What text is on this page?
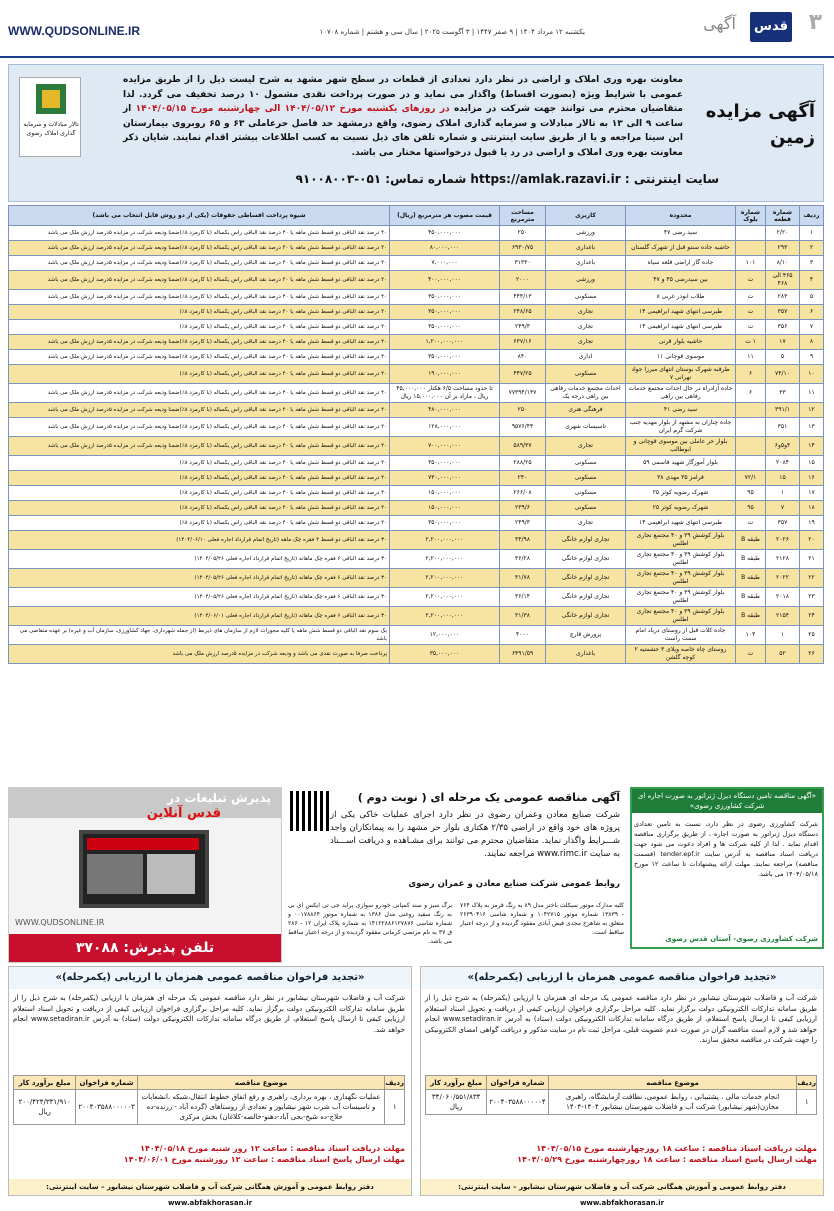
WWW.QUDSONLINE.IR	یکشنبه ۱۲ مرداد ۱۴۰۴ | ۹ صفر ۱۴۴۷ | ۳ آگوست ۲۰۲۵ | سال سی و هشتم | شماره ۱۰۷۰۸	آگهی	قدس ۳
آگهی مزایده زمین
معاونت بهره وری املاک و اراضی در نظر دارد تعدادی از قطعات در سطح شهر مشهد به شرح لیست ذیل را از طریق مزایده عمومی با شرایط ویژه (بصورت اقساط) واگذار می نماید و در صورت پرداخت نقدی مشمول ۱۰ درصد تخفیف می گردد. لذا متقاضیان محترم می توانند جهت شرکت در مزایده در روزهای یکشنبه مورخ ۱۴۰۴/۰۵/۱۲ الی چهارشنبه مورخ ۱۴۰۴/۰۵/۱۵ از ساعت ۹ الی ۱۳ به تالار مبادلات و سرمایه گذاری املاک رضوی، واقع درمشهد حد فاصل حرعاملی ۶۳ و ۶۵ روبروی بیمارستان ابن سینا مراجعه و یا از طریق سایت اینترنتی و شماره تلفن های ذیل نسبت به کسب اطلاعات بیشتر اقدام نمایند. شایان ذکر معاونت بهره وری املاک و اراضی در رد یا قبول درخواستها مختار می باشد.
تالار مبادلات و سرمایه گذاری املاک رضوی
سایت اینترنتی : https://amlak.razavi.ir شماره تماس: ۰۵۱-۹۱۰۰۸۰۰۳
ردیف	شماره قطعه	شماره بلوک	محدوده	کاربری	مساحت مترمربع	قیمت مصوب هر مترمربع (ریال)	شیوه پرداخت اقساطی حقوقات (یکی از دو روش قابل انتخاب می باشد)
۱	۲/۲۰		سید رضی ۴۷	ورزشی	۲۵۰	۴۵۰,۰۰۰,۰۰۰	۴۰ درصد نقد الباقی دو قسط شش ماهه یا ۴۰ درصد نقد الباقی راس یکساله (با کارمزد ۸٪)ضمنا ودیعه شرکت در مزایده ۵درصد ارزش ملک می باشد
۲	۲۹۳		حاشیه جاده سنتو قبل از شهرک گلستان	باغداری	۶۹۳۰/۷۵	۸۰,۰۰۰,۰۰۰	۴۰ درصد نقد الباقی دو قسط شش ماهه یا ۴۰ درصد نقد الباقی راس یکساله (با کارمزد ۸٪)ضمنا ودیعه شرکت در مزایده ۵درصد ارزش ملک می باشد
۳	۸/۱۰	۱۰۱	جاده گاز اراضی قلعه سیاه	باغداری	۳۱۳۳۰	۷,۰۰۰,۰۰۰	۴۰ درصد نقد الباقی دو قسط شش ماهه یا ۴۰ درصد نقد الباقی راس یکساله (با کارمزد ۸٪)ضمنا ودیعه شرکت در مزایده ۵درصد ارزش ملک می باشد
۴	۴۶۵ الی ۴۶۸	ت	بین سیدرضی ۴۵ و ۴۷	ورزشی	۲۰۰۰	۴۰۰,۰۰۰,۰۰۰	۴۰ درصد نقد الباقی دو قسط شش ماهه یا ۴۰ درصد نقد الباقی راس یکساله (با کارمزد ۸٪)ضمنا ودیعه شرکت در مزایده ۵درصد ارزش ملک می باشد
۵	۲۸۳	ت	طلاب ابوذر غربی ۸	مسکونی	۴۴۴/۱۳	۳۵۰,۰۰۰,۰۰۰	۴۰ درصد نقد الباقی دو قسط شش ماهه یا ۴۰ درصد نقد الباقی راس یکساله (با کارمزد ۸٪)ضمنا ودیعه شرکت در مزایده ۵درصد ارزش ملک می باشد
۶	۳۵۷	ت	طبرسی انتهای شهید ابراهیمی ۱۴	تجاری	۲۴۸/۶۵	۳۵۰,۰۰۰,۰۰۰	۴۰ درصد نقد الباقی دو قسط شش ماهه یا ۴۰ درصد نقد الباقی راس یکساله (با کارمزد ۸٪)
۷	۳۵۶	ت	طبرسی انتهای شهید ابراهیمی ۱۴	تجاری	۲۴۹/۳	۳۵۰,۰۰۰,۰۰۰	۴۰ درصد نقد الباقی دو قسط شش ماهه یا ۴۰ درصد نقد الباقی راس یکساله (با کارمزد ۸٪)
۸	۱۷	۱ ت	حاشیه بلوار قرنی	تجاری	۶۳۷/۱۶	۱,۲۰۰,۰۰۰,۰۰۰	۴۰ درصد نقد الباقی دو قسط شش ماهه یا ۴۰ درصد نقد الباقی راس یکساله (با کارمزد ۸٪)ضمنا ودیعه شرکت در مزایده ۵درصد ارزش ملک می باشد
۹	۵	۱۱	موسوی قوچانی ۱۱	اداری	۸۴۰	۳۵۰,۰۰۰,۰۰۰	۴۰ درصد نقد الباقی دو قسط شش ماهه یا ۴۰ درصد نقد الباقی راس یکساله (با کارمزد ۸٪)ضمنا ودیعه شرکت در مزایده ۵درصد ارزش ملک می باشد
۱۰	۷۴/۱۰	۶	طرقبه شهرک بوستان انتهای میرزا جواد تهرانی ۷	مسکونی	۴۴۷/۲۵	۱۹۰,۰۰۰,۰۰۰	۴۰ درصد نقد الباقی دو قسط شش ماهه یا ۴۰ درصد نقد الباقی راس یکساله (با کارمزد ۸٪)
۱۱	۳۳	۶	جاده آزادراه در حال احداث مجتمع خدمات رفاهی بین راهی	احداث مجتمع خدمات رفاهی بین راهی درجه یک	۷۷۳۹۴/۱۳۷	تا حدود مساحت ۶/۵ هکتار ۴۵,۰۰۰,۰۰۰ ریال ، مازاد بر آن ۱۵,۰۰۰,۰۰۰ ریال	۴۰ درصد نقد الباقی دو قسط شش ماهه یا ۴۰ درصد نقد الباقی راس یکساله (با کارمزد ۸٪)ضمنا ودیعه شرکت در مزایده ۵درصد ارزش ملک می باشد
۱۲	۳۹۱/۱		سید رضی ۴۱	فرهنگی هنری	۲۵۰	۴۸۰,۰۰۰,۰۰۰	۴۰ درصد نقد الباقی دو قسط شش ماهه یا ۴۰ درصد نقد الباقی راس یکساله (با کارمزد ۸٪)ضمنا ودیعه شرکت در مزایده ۵درصد ارزش ملک می باشد
۱۳	۳۵۱		جاده چناران به مشهد از بلوار مهدیه جنب شرکت گرم ایران	تاسیسات شهری	۹۵۷۶/۴۴	۱۲۸,۰۰۰,۰۰۰	۴۰ درصد نقد الباقی دو قسط شش ماهه یا ۴۰ درصد نقد الباقی راس یکساله (با کارمزد ۸٪)ضمنا ودیعه شرکت در مزایده ۵درصد ارزش ملک می باشد
۱۴	۴و۵و۶		بلوار حر عاملی بین موسوی قوچانی و ابوطالب	تجاری	۵۸۹/۳۷	۷۰۰,۰۰۰,۰۰۰	۴۰ درصد نقد الباقی دو قسط شش ماهه یا ۴۰ درصد نقد الباقی راس یکساله (با کارمزد ۸٪)ضمنا ودیعه شرکت در مزایده ۵درصد ارزش ملک می باشد
۱۵	۲۰۸۴		بلوار آموزگار شهید قاسمی ۵۹	مسکونی	۲۸۸/۲۵	۳۵۰,۰۰۰,۰۰۰	۴۰ درصد نقد الباقی دو قسط شش ماهه یا ۴۰ درصد نقد الباقی راس یکساله (با کارمزد ۸٪)
۱۶	۱۵	۷۲/۱	قرامز ۳۵ مهدی ۳۸	مسکونی	۲۴۰	۷۳۰,۰۰۰,۰۰۰	۴۰ درصد نقد الباقی دو قسط شش ماهه یا ۴۰ درصد نقد الباقی راس یکساله (با کارمزد ۸٪)
۱۷	۱	۹۵	شهرک رضویه کوثر ۲۵	مسکونی	۲۶۶/۰۸	۱۵۰,۰۰۰,۰۰۰	۴۰ درصد نقد الباقی دو قسط شش ماهه یا ۴۰ درصد نقد الباقی راس یکساله (با کارمزد ۸٪)
۱۸	۷	۹۵	شهرک رضویه کوثر ۲۵	مسکونی	۲۳۹/۶	۱۵۰,۰۰۰,۰۰۰	۴۰ درصد نقد الباقی دو قسط شش ماهه یا ۴۰ درصد نقد الباقی راس یکساله (با کارمزد ۸٪)
۱۹	۳۵۷	ت	طبرسی انتهای شهید ابراهیمی ۱۴	تجاری	۲۴۹/۳	۳۵۰,۰۰۰,۰۰۰	۴۰ درصد نقد الباقی دو قسط شش ماهه یا ۴۰ درصد نقد الباقی راس یکساله (با کارمزد ۸٪)
۲۰	۲۰۲۶	طبقه B	بلوار کوشش ۳۹ و ۴۰ مجتمع تجاری اطلس	تجاری لوازم خانگی	۳۴/۹۸	۲,۲۰۰,۰۰۰,۰۰۰	۳۰ درصد نقد الباقی دو قسط ۴ فقره چک ماهه (تاریخ اتمام قرارداد اجاره فعلی ۱۴۰۴/۰۶/۱۰)
۲۱	۲۱۲۸	طبقه B	بلوار کوشش ۳۹ و ۴۰ مجتمع تجاری اطلس	تجاری لوازم خانگی	۳۶/۲۸	۲,۲۰۰,۰۰۰,۰۰۰	۳۰ درصد نقد الباقی ۶ فقره چک ماهانه (تاریخ اتمام قرارداد اجاره فعلی ۱۴۰۴/۰۵/۲۶)
۲۲	۲۰۲۲	طبقه B	بلوار کوشش ۳۹ و ۴۰ مجتمع تجاری اطلس	تجاری لوازم خانگی	۳۱/۷۸	۲,۲۰۰,۰۰۰,۰۰۰	۳۰ درصد نقد الباقی ۶ فقره چک ماهانه (تاریخ اتمام قرارداد اجاره فعلی ۱۴۰۴/۰۵/۲۶)
۲۳	۲۰۱۸	طبقه B	بلوار کوشش ۳۹ و ۴۰ مجتمع تجاری اطلس	تجاری لوازم خانگی	۳۶/۱۴	۲,۲۰۰,۰۰۰,۰۰۰	۳۰ درصد نقد الباقی ۶ فقره چک ماهانه (تاریخ اتمام قرارداد اجاره فعلی ۱۴۰۴/۰۵/۲۶)
۲۴	۲۱۵۴	طبقه B	بلوار کوشش ۳۹ و ۴۰ مجتمع تجاری اطلس	تجاری لوازم خانگی	۳۱/۳۸	۲,۲۰۰,۰۰۰,۰۰۰	۳۰ درصد نقد الباقی ۶ فقره چک ماهانه (تاریخ اتمام قرارداد اجاره فعلی ۱۴۰۴/۰۶/۰۱)
۲۵	۱	۱۰۴	جاده کلات قبل از روستای درباد امام سمت راست	پرورش قارچ	۴۰۰۰	۱۲,۰۰۰,۰۰۰	یک سوم نقد الباقی دو قسط شش ماهه یا کلیه مجوزات لازم از سازمان های ذیربط (از جمله شهرداری، جهاد کشاورزی، سازمان آب و غیره) بر عهده متقاضی می باشد
۲۶	۵۲	ت	روستای چاه خاصه ویلای ۳ حشمتیه ۲ کوچه گلشن	باغداری	۶۴۹۱/۵۹	۳۵,۰۰۰,۰۰۰	پرداخت صرفا به صورت نقدی می باشد و ودیعه شرکت در مزایده ۵درصد ارزش ملک می باشد
پذیرش تبلیغات در
قدس آنلاین
WWW.QUDSONLINE.IR
تلفن پذیرش: ۳۷۰۸۸
آگهی مناقصه عمومی یک مرحله ای ( نوبت دوم )
شرکت صنایع معادن وعمران رضوی در نظر دارد اجرای عملیات خاکی یکی از پروژه های خود واقع در اراضی ۲/۳۵ هکتاری بلوار حر مشهد را به پیمانکاران واجد شـــرایط واگذار نماید. متقاضیان محترم می توانند برای مشـاهده و دریافت اســـناد به سایت www.rimc.ir مراجعه نمایند.
روابط عمومی شرکت صنایع معادن و عمران رضوی
«آگهی مناقصه تامین دستگاه دیزل ژنراتور به صورت اجاره ای شرکت کشاورزی رضوی»
شرکت کشاورزی رضوی در نظر دارد، نسبت به تامین تعدادی دستگاه دیزل ژنراتور به صورت اجاره ، از طریق برگزاری مناقصه اقدام نماید . لذا از کلیه شرکت ها و افراد دعوت می شود جهت دریافت اسناد مناقصه به آدرس سایت tender.epf.ir (قسمت مناقصه) مراجعه نمایند. مهلت ارائه پیشنهادات تا ساعت ۱۲ مورخ ۱۴۰۴/۰۵/۱۸ می باشد.
شرکت کشاورزی رضوی- آستان قدس رضوی
برگ سبز و سند کمپانی خودرو سواری پراید جی تی ایکس ای بی به رنگ سفید روغنی مدل ۱۳۸۶ به شماره موتور ۰۰۱۷۸۸۶۴ و شماره شاسی ۱۴۱۲۲۸۸۶۱۲۷۸۷۶ به شماره پلاک ایران ۱۲ - ۲۸۶ ق ۳۷ به نام مرتضی کرمانی مفقود گردیده و از درجه اعتبار ساقط می باشد.
کلیه مدارک موتور سیکلت باختر مدل ۸۹ به رنگ قرمز به پلاک ۷۶۴ - ۱۳۸۳۹ شماره موتور ۱۰۴۲۷۱۵ و شماره شاسی ۲۶۳۹۰۴۱۶ متعلق به شاهرخ مجدی فیض آبادی مفقود گردیده و از درجه اعتبار ساقط است.
«تجدید فراخوان مناقصه عمومی همزمان با ارزیابی (یکمرحله)»
شرکت آب و فاضلاب شهرستان نیشابور در نظر دارد مناقصه عمومی یک مرحله ای همزمان با ارزیابی (یکمرحله) به شرح ذیل را از طریق سامانه تدارکات الکترونیکی دولت برگزار نماید. کلیه مراحل برگزاری فراخوان ارزیابی کیفی از دریافت و تحویل اسناد استعلام ارزیابی کیفی تا ارسال پاسخ استعلام، از طریق درگاه سامانه تدارکات الکترونیکی دولت (ستاد) به آدرس www.setadiran.ir انجام خواهد شد و لازم است مناقصه گران در صورت عدم عضویت قبلی، مراحل ثبت نام در سایت مذکور و دریافت گواهی امضای الکترونیکی را جهت شرکت در مناقصه محقق سازند.
ردیف	موضوع مناقصه	شماره فراخوان	مبلغ برآورد کار
۱	انجام خدمات مالی ، پشتیبانی ، روابط عمومی، نظافت آزمایشگاه، راهبری مخازن(شهر نیشابور) شرکت آب و فاضلاب شهرستان نیشابور ۱۴۰۴-۱۴۰۴	۲۰۰۴۰۳۵۸۸۰۰۰۰۰۴	۳۴/۰۶۰/۵۵۱/۸۳۴ ریال
مهلت دریافت اسناد مناقصه : ساعت ۱۸ روزچهارشنبه مورخ ۱۴۰۴/۰۵/۱۵
مهلت ارسال پاسخ اسناد مناقصه : ساعت ۱۸ روزچهارشنبه مورخ ۱۴۰۴/۰۵/۲۹
دفتر روابط عمومی و آموزش همگانی شرکت آب و فاضلاب شهرستان نیشابور – سایت اینترنتی: www.abfakhorasan.ir
«تجدید فراخوان مناقصه عمومی همزمان با ارزیابی (یکمرحله)»
شرکت آب و فاضلاب شهرستان نیشابور در نظر دارد مناقصه عمومی یک مرحله ای همزمان با ارزیابی (یکمرحله) به شرح ذیل را از طریق سامانه تدارکات الکترونیکی دولت برگزار نماید. کلیه مراحل برگزاری فراخوان ارزیابی کیفی از دریافت و تحویل اسناد استعلام ارزیابی کیفی تا ارسال پاسخ استعلام، از طریق درگاه سامانه تدارکات الکترونیکی دولت (ستاد) به آدرس www.setadiran.ir انجام خواهد شد.
ردیف	موضوع مناقصه	شماره فراخوان	مبلغ برآورد کار
۱	عملیات نگهداری ، بهره برداری، راهبری و رفع اتفاق خطوط انتقال،شبکه ،انشعابات و تاسیسات آب شرب شهر نیشابور و تعدادی از روستاهای (گرده آباد - زرنده-ده حلاج-ده شیخ-بحی آباد-دهنو-خالصه-کلاغان) بخش مرکزی	۲۰۰۴۰۳۵۸۸۰۰۰۰۰۳	۲۰۰/۴۲۴/۳۳۱/۹۱۰ ریال
مهلت دریافت اسناد مناقصه : ساعت ۱۲ روز شنبه مورخ ۱۴۰۴/۰۵/۱۸
مهلت ارسال پاسخ اسناد مناقصه : ساعت ۱۲ روزشنبه مورخ ۱۴۰۴/۰۶/۰۱
دفتر روابط عمومی و آموزش همگانی شرکت آب و فاضلاب شهرستان نیشابور – سایت اینترنتی: www.abfakhorasan.ir
